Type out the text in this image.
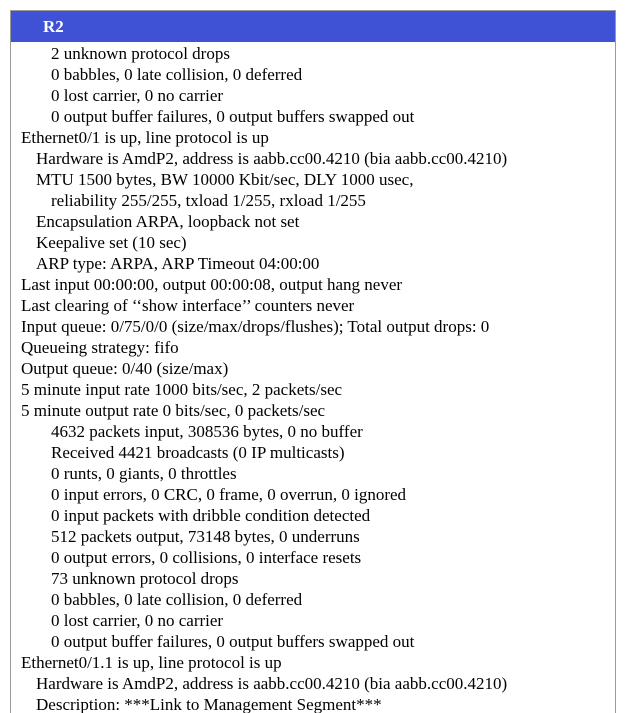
R2
2 unknown protocol drops
0 babbles, 0 late collision, 0 deferred
0 lost carrier, 0 no carrier
0 output buffer failures, 0 output buffers swapped out
Ethernet0/1 is up, line protocol is up
Hardware is AmdP2, address is aabb.cc00.4210 (bia aabb.cc00.4210)
MTU 1500 bytes, BW 10000 Kbit/sec, DLY 1000 usec,
reliability 255/255, txload 1/255, rxload 1/255
Encapsulation ARPA, loopback not set
Keepalive set (10 sec)
ARP type: ARPA, ARP Timeout 04:00:00
Last input 00:00:00, output 00:00:08, output hang never
Last clearing of ‘‘show interface’’ counters never
Input queue: 0/75/0/0 (size/max/drops/flushes); Total output drops: 0
Queueing strategy: fifo
Output queue: 0/40 (size/max)
5 minute input rate 1000 bits/sec, 2 packets/sec
5 minute output rate 0 bits/sec, 0 packets/sec
4632 packets input, 308536 bytes, 0 no buffer
Received 4421 broadcasts (0 IP multicasts)
0 runts, 0 giants, 0 throttles
0 input errors, 0 CRC, 0 frame, 0 overrun, 0 ignored
0 input packets with dribble condition detected
512 packets output, 73148 bytes, 0 underruns
0 output errors, 0 collisions, 0 interface resets
73 unknown protocol drops
0 babbles, 0 late collision, 0 deferred
0 lost carrier, 0 no carrier
0 output buffer failures, 0 output buffers swapped out
Ethernet0/1.1 is up, line protocol is up
Hardware is AmdP2, address is aabb.cc00.4210 (bia aabb.cc00.4210)
Description: ***Link to Management Segment***
